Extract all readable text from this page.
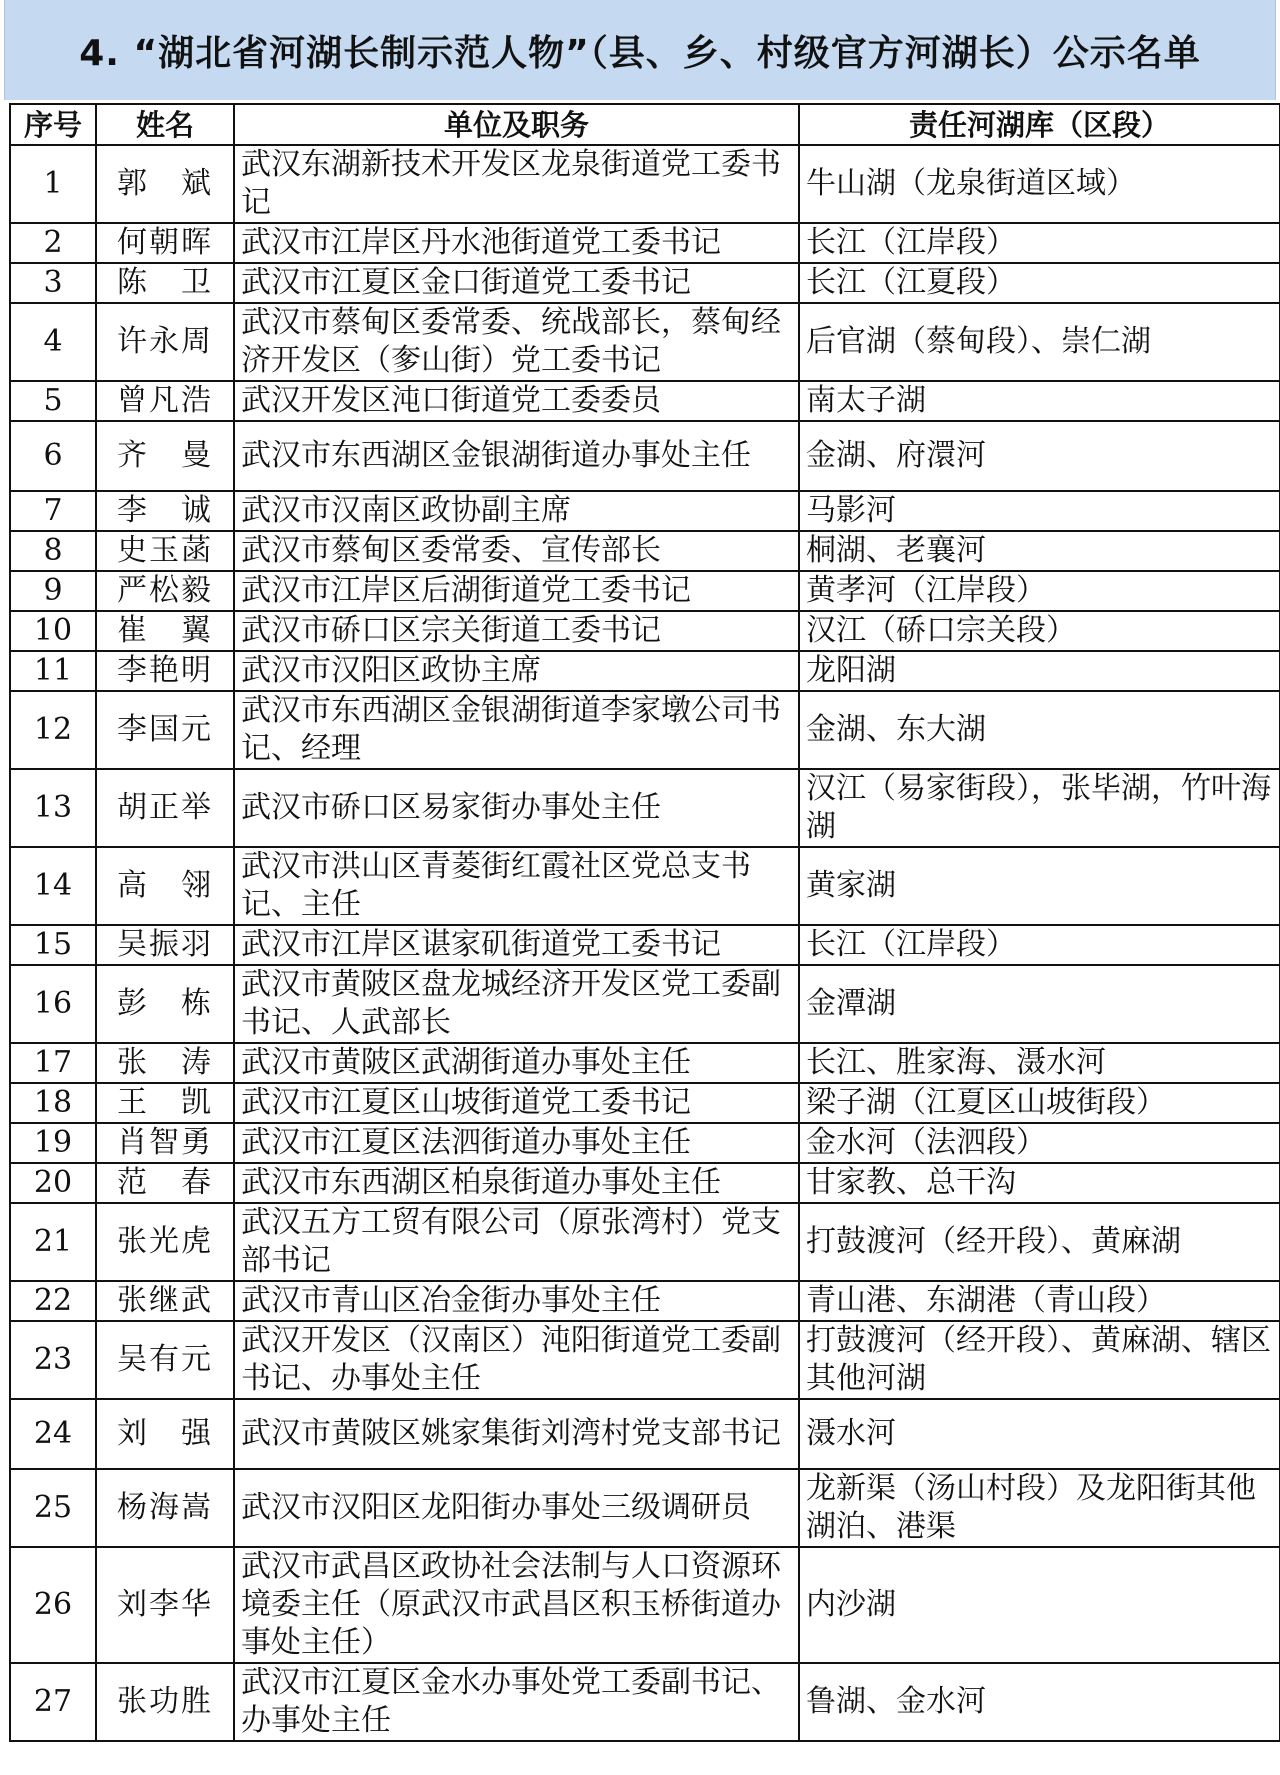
4. “湖北省河湖长制示范人物”（县、乡、村级官方河湖长）公示名单
序号	姓名	单位及职务	责任河湖库（区段）
1	郭　斌	武汉东湖新技术开发区龙泉街道党工委书记	牛山湖（龙泉街道区域）
2	何朝晖	武汉市江岸区丹水池街道党工委书记	长江（江岸段）
3	陈　卫	武汉市江夏区金口街道党工委书记	长江（江夏段）
4	许永周	武汉市蔡甸区委常委、统战部长，蔡甸经济开发区（奓山街）党工委书记	后官湖（蔡甸段）、崇仁湖
5	曾凡浩	武汉开发区沌口街道党工委委员	南太子湖
6	齐　曼	武汉市东西湖区金银湖街道办事处主任	金湖、府澴河
7	李　诚	武汉市汉南区政协副主席	马影河
8	史玉菡	武汉市蔡甸区委常委、宣传部长	桐湖、老襄河
9	严松毅	武汉市江岸区后湖街道党工委书记	黄孝河（江岸段）
10	崔　翼	武汉市硚口区宗关街道工委书记	汉江（硚口宗关段）
11	李艳明	武汉市汉阳区政协主席	龙阳湖
12	李国元	武汉市东西湖区金银湖街道李家墩公司书记、经理	金湖、东大湖
13	胡正举	武汉市硚口区易家街办事处主任	汉江（易家街段），张毕湖，竹叶海湖
14	高　翎	武汉市洪山区青菱街红霞社区党总支书记、主任	黄家湖
15	吴振羽	武汉市江岸区谌家矶街道党工委书记	长江（江岸段）
16	彭　栋	武汉市黄陂区盘龙城经济开发区党工委副书记、人武部长	金潭湖
17	张　涛	武汉市黄陂区武湖街道办事处主任	长江、胜家海、滠水河
18	王　凯	武汉市江夏区山坡街道党工委书记	梁子湖（江夏区山坡街段）
19	肖智勇	武汉市江夏区法泗街道办事处主任	金水河（法泗段）
20	范　春	武汉市东西湖区柏泉街道办事处主任	甘家教、总干沟
21	张光虎	武汉五方工贸有限公司（原张湾村）党支部书记	打鼓渡河（经开段）、黄麻湖
22	张继武	武汉市青山区冶金街办事处主任	青山港、东湖港（青山段）
23	吴有元	武汉开发区（汉南区）沌阳街道党工委副书记、办事处主任	打鼓渡河（经开段）、黄麻湖、辖区其他河湖
24	刘　强	武汉市黄陂区姚家集街刘湾村党支部书记	滠水河
25	杨海嵩	武汉市汉阳区龙阳街办事处三级调研员	龙新渠（汤山村段）及龙阳街其他湖泊、港渠
26	刘李华	武汉市武昌区政协社会法制与人口资源环境委主任（原武汉市武昌区积玉桥街道办事处主任）	内沙湖
27	张功胜	武汉市江夏区金水办事处党工委副书记、办事处主任	鲁湖、金水河
